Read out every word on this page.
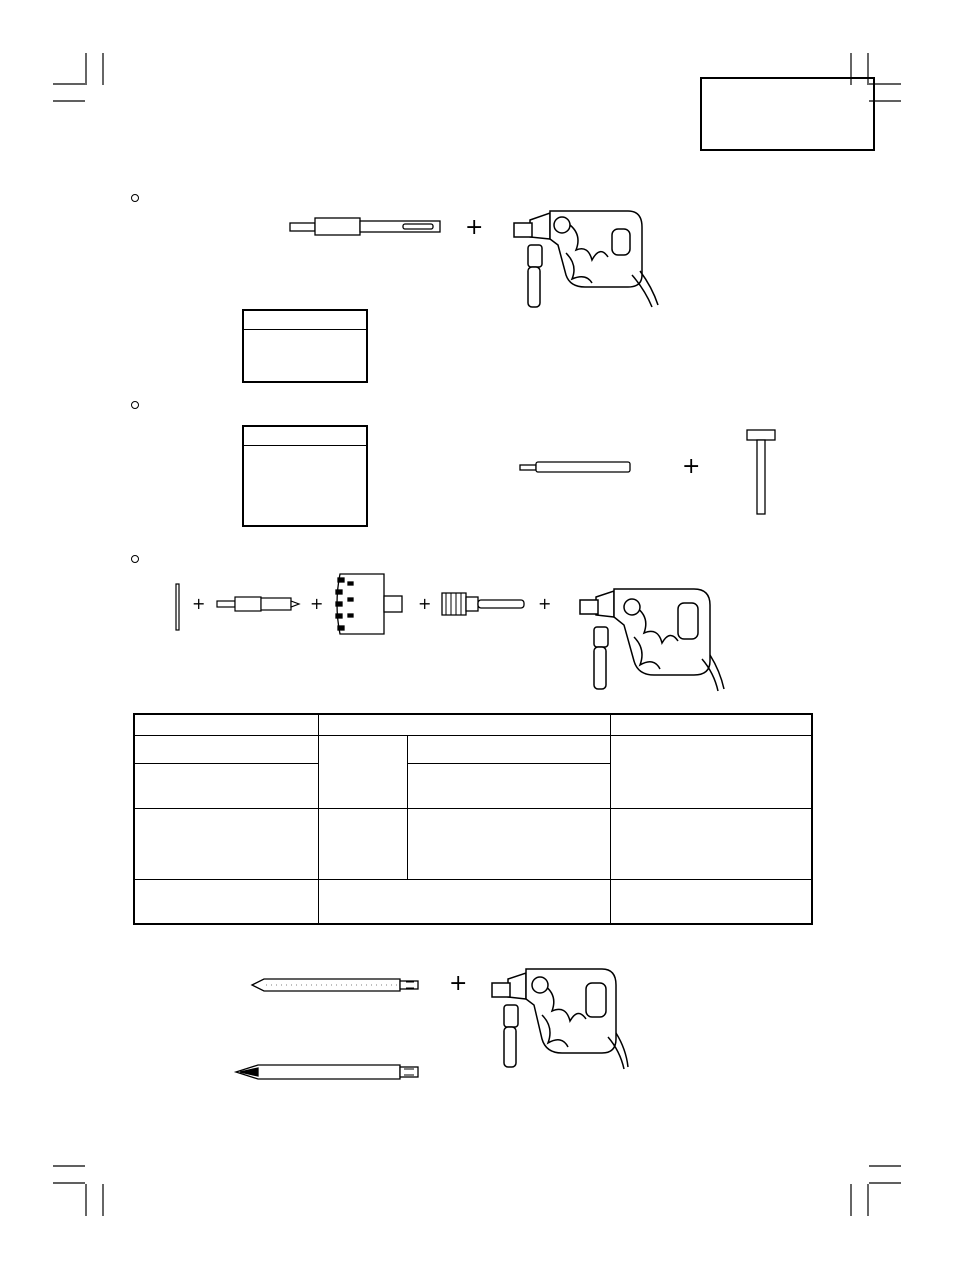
+
+
+	+	+	+

+
